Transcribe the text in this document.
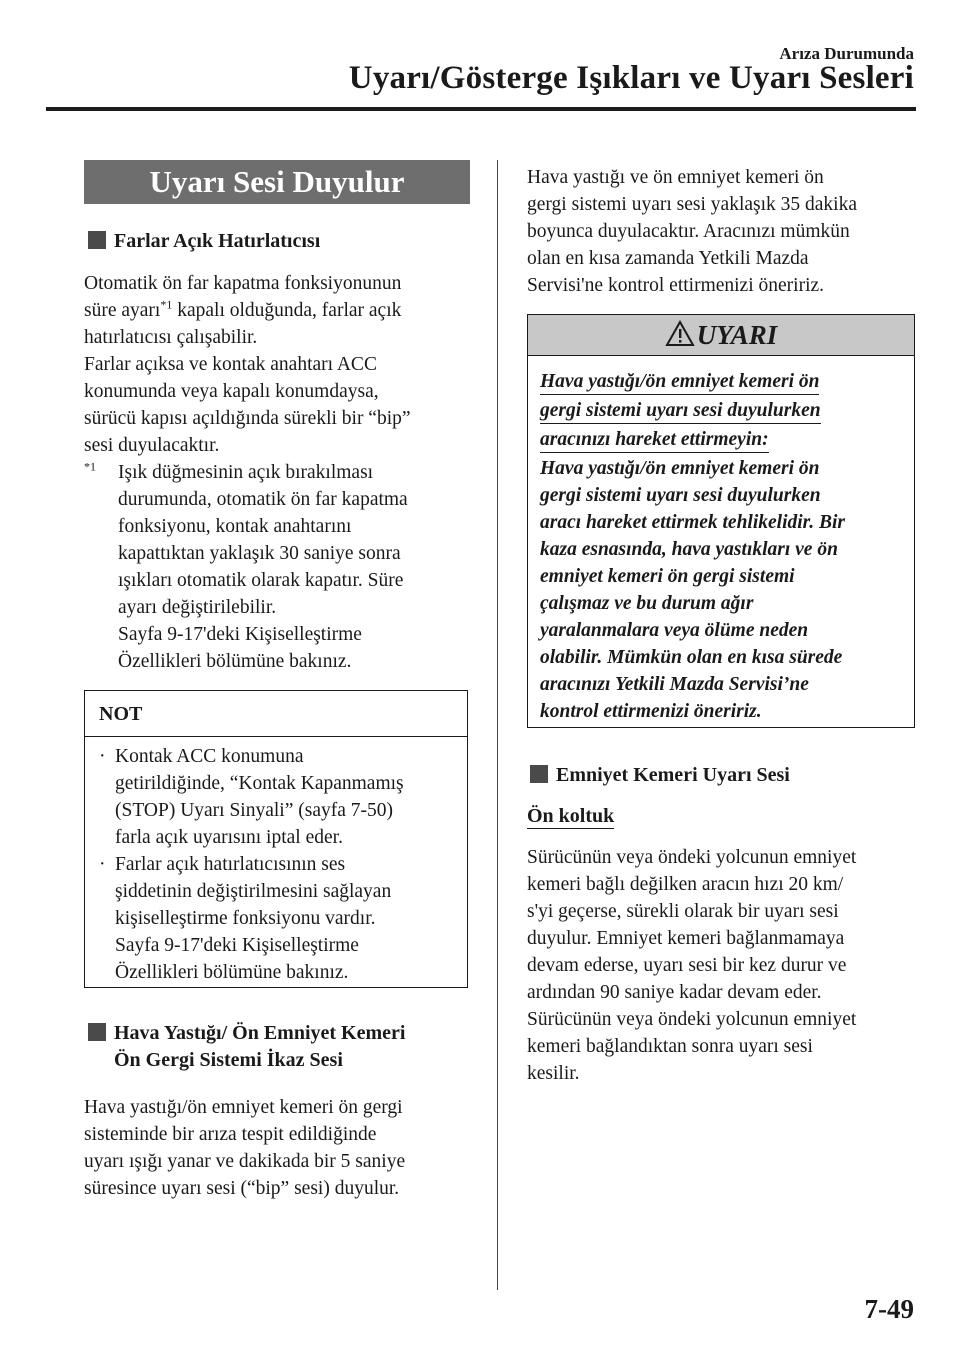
Arıza Durumunda
Uyarı/Gösterge Işıkları ve Uyarı Sesleri
Uyarı Sesi Duyulur
Farlar Açık Hatırlatıcısı

Otomatik ön far kapatma fonksiyonunun

süre ayarı$^{*1}$ kapalı olduğunda, farlar açık

hatırlatıcısı çalışabilir.

Farlar açıksa ve kontak anahtarı ACC

konumunda veya kapalı konumdaysa,

sürücü kapısı açıldığında sürekli bir “bip”

sesi duyulacaktır.

$^{*1}$	Işık düğmesinin açık bırakılması

durumunda, otomatik ön far kapatma

fonksiyonu, kontak anahtarını

kapattıktan yaklaşık 30 saniye sonra

ışıkları otomatik olarak kapatır. Süre

ayarı değiştirilebilir.

Sayfa 9-17'deki Kişiselleştirme

Özellikleri bölümüne bakınız.

NOT
· Kontak ACC konumuna
getirildiğinde, “Kontak Kapanmamış
(STOP) Uyarı Sinyali” (sayfa 7-50)
farla açık uyarısını iptal eder.
· Farlar açık hatırlatıcısının ses
şiddetinin değiştirilmesini sağlayan
kişiselleştirme fonksiyonu vardır.
Sayfa 9-17'deki Kişiselleştirme
Özellikleri bölümüne bakınız.
Hava Yastığı/ Ön Emniyet Kemeri
Ön Gergi Sistemi İkaz Sesi

Hava yastığı/ön emniyet kemeri ön gergi

sisteminde bir arıza tespit edildiğinde

uyarı ışığı yanar ve dakikada bir 5 saniye

süresince uyarı sesi (“bip” sesi) duyulur.

Hava yastığı ve ön emniyet kemeri ön

gergi sistemi uyarı sesi yaklaşık 35 dakika

boyunca duyulacaktır. Aracınızı mümkün

olan en kısa zamanda Yetkili Mazda

Servisi'ne kontrol ettirmenizi öneririz.

UYARI
Hava yastığı/ön emniyet kemeri ön
gergi sistemi uyarı sesi duyulurken
aracınızı hareket ettirmeyin:
Hava yastığı/ön emniyet kemeri ön
gergi sistemi uyarı sesi duyulurken
aracı hareket ettirmek tehlikelidir. Bir
kaza esnasında, hava yastıkları ve ön
emniyet kemeri ön gergi sistemi
çalışmaz ve bu durum ağır
yaralanmalara veya ölüme neden
olabilir. Mümkün olan en kısa sürede
aracınızı Yetkili Mazda Servisi’ne
kontrol ettirmenizi öneririz.
Emniyet Kemeri Uyarı Sesi
Ön koltuk

Sürücünün veya öndeki yolcunun emniyet

kemeri bağlı değilken aracın hızı 20 km/

s'yi geçerse, sürekli olarak bir uyarı sesi

duyulur. Emniyet kemeri bağlanmamaya

devam ederse, uyarı sesi bir kez durur ve

ardından 90 saniye kadar devam eder.

Sürücünün veya öndeki yolcunun emniyet

kemeri bağlandıktan sonra uyarı sesi

kesilir.

7-49
